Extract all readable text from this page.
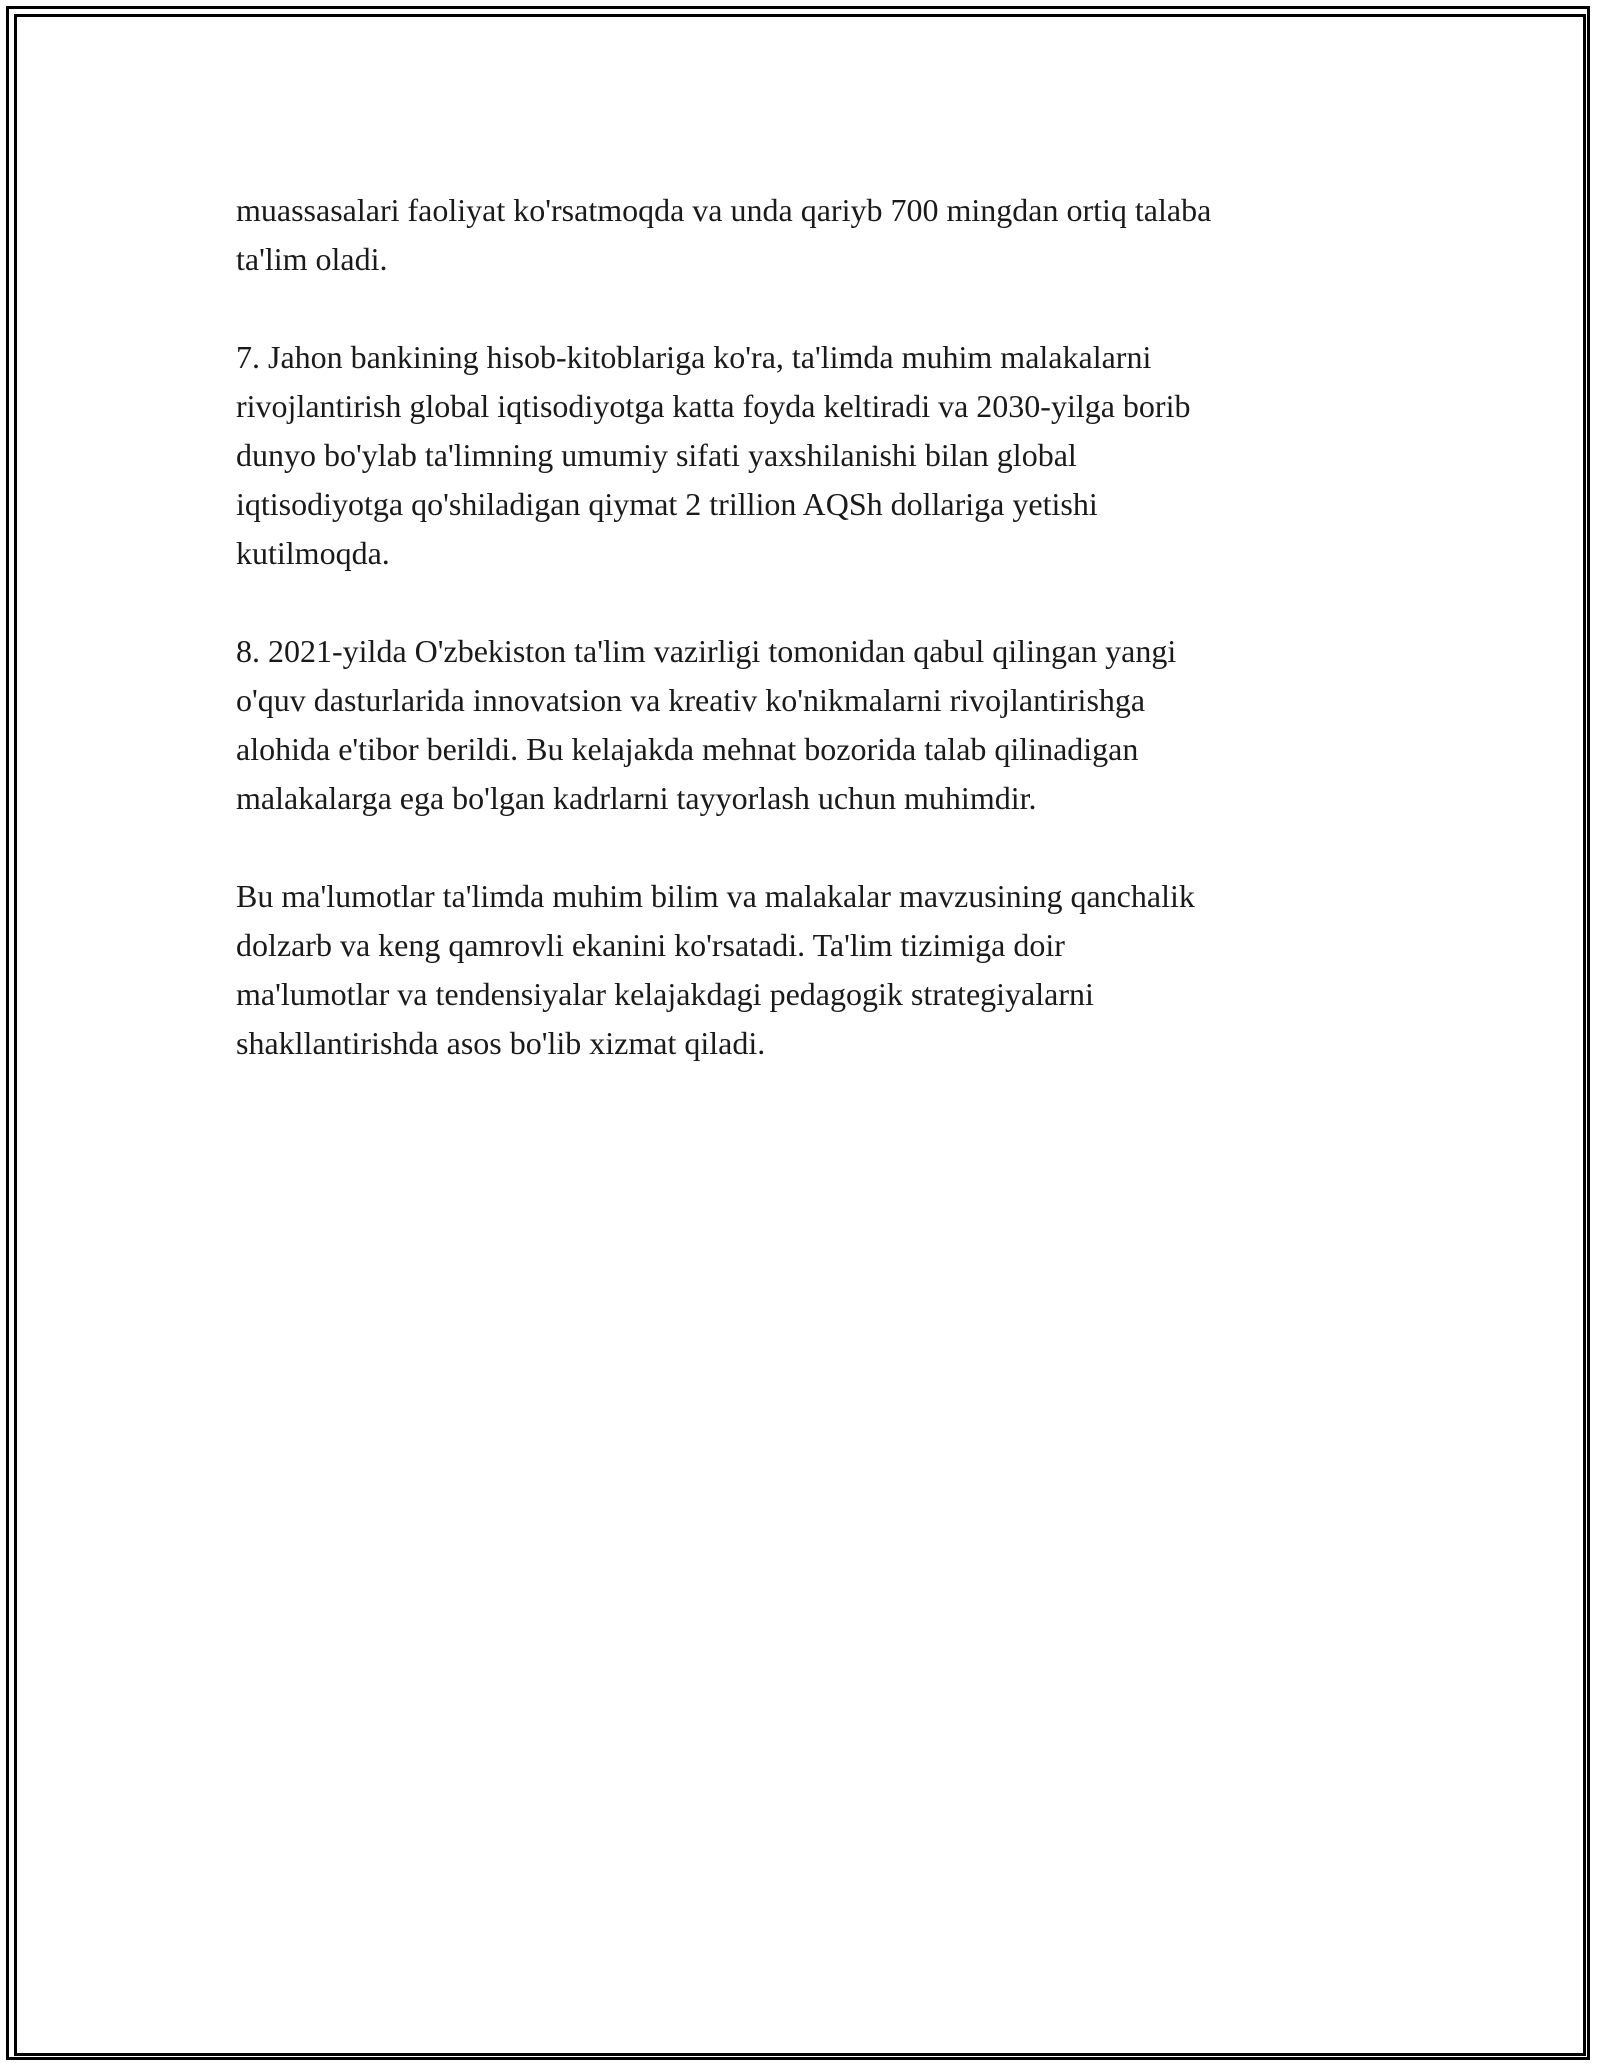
muassasalari faoliyat ko'rsatmoqda va unda qariyb 700 mingdan ortiq talaba
ta'lim oladi.

7. Jahon bankining hisob-kitoblariga ko'ra, ta'limda muhim malakalarni
rivojlantirish global iqtisodiyotga katta foyda keltiradi va 2030-yilga borib
dunyo bo'ylab ta'limning umumiy sifati yaxshilanishi bilan global
iqtisodiyotga qo'shiladigan qiymat 2 trillion AQSh dollariga yetishi
kutilmoqda.

8. 2021-yilda O'zbekiston ta'lim vazirligi tomonidan qabul qilingan yangi
o'quv dasturlarida innovatsion va kreativ ko'nikmalarni rivojlantirishga
alohida e'tibor berildi. Bu kelajakda mehnat bozorida talab qilinadigan
malakalarga ega bo'lgan kadrlarni tayyorlash uchun muhimdir.

Bu ma'lumotlar ta'limda muhim bilim va malakalar mavzusining qanchalik
dolzarb va keng qamrovli ekanini ko'rsatadi. Ta'lim tizimiga doir
ma'lumotlar va tendensiyalar kelajakdagi pedagogik strategiyalarni
shakllantirishda asos bo'lib xizmat qiladi.
